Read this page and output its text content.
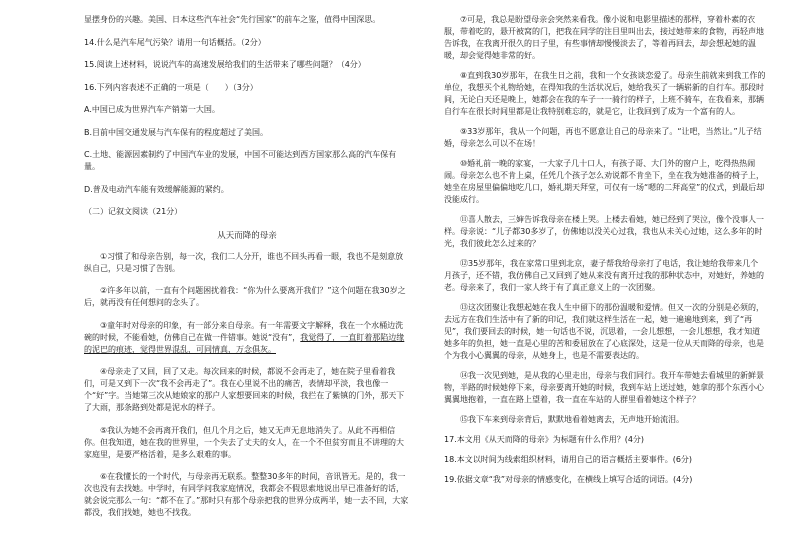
显摆身份的兴趣。美国、日本这些汽车社会“先行国家”的前车之鉴，值得中国深思。

14.什么是汽车尾气污染？请用一句话概括。（2分）

15.阅读上述材料，说说汽车的高速发展给我们的生活带来了哪些问题？（4分）

16.下列内容表述不正确的一项是（　　）（3分）

A.中国已成为世界汽车产销第一大国。

B.目前中国交通发展与汽车保有的程度超过了美国。

C.土地、能源因素制约了中国汽车业的发展，中国不可能达到西方国家那么高的汽车保有量。

D.普及电动汽车能有效缓解能源的紧约。

（二）记叙文阅读（21分）

从天而降的母亲

①习惯了和母亲告别，每一次，我们二人分开，谁也不回头再看一眼，我也不是刻意放纵自己，只是习惯了告别。

②许多年以前，一直有个问题困扰着我：“你为什么要离开我们？”这个问题在我30岁之后，就再没有任何想问的念头了。

③童年时对母亲的印象，有一部分来自母亲。有一年需要文字解释，我在一个水桶边洗碗的时候，不能看她，仿佛自己在做一件错事。她说“没有”，我觉得了，一直盯着那陷边缘的泥巴的痕迹，觉得世界混乱，可同情真，万念俱灰。

④母亲走了又回，回了又走。每次回来的时候，都说不会再走了，她在院子里看着我们，可是又到下一次“我不会再走了”。我在心里说不出的痛苦，表情却平淡，我也像一个“好”字。当她第三次从她娘家的那户人家想要回来的时候，我拦在了紫镇的门外，那天下了大雨，那条路到处都是泥水的样子。

⑤我认为她不会再离开我们，但几个月之后，她又无声无息地消失了。从此不再相信你。但我知道，她在我的世界里，一个失去了丈夫的女人，在一个不但贫穷而且不讲理的大家庭里，是要严格活着，是多么艰难的事。

⑥在我懂长的一个时代，与母亲再无联系。整整30多年的时间，音讯皆无。是的，我一次也没有去找她。中学时，有同学问我家庭情况，我都会不假思索地说出早已准备好的话，就会说完那么一句：“都不在了。”那时只有那个母亲把我的世界分成两半，她一去不回，大家都没，我们找她，她也不找我。

⑦可是，我总是盼望母亲会突然来看我。像小说和电影里描述的那样，穿着朴素的衣服，带着吃的，悬开被窝的门，把我在同学的注目里叫出去，接过她带来的食物，再轻声地告诉我，在我离开很久的日子里，有些事情却慢慢淡去了，等着再回去，却会想起她的温暖，却会觉得她非常的好。

⑧直到我30岁那年，在我生日之前，我和一个女孩谈恋爱了。母亲生前就来到我工作的单位，我想买个礼物给她，在得知我的生活状况后，她给我买了一辆崭新的自行车。那段时间，无论白天还是晚上，她都会在我的车子一一骑行的样子，上班不骑车，在我看来，那辆自行车在很长时间里都是让我特别难忘的，就是它，让我回到了成为一个富有的人。

⑨33岁那年，我从一个问题，再也不愿意让自己的母亲来了。“让吧，当然让。”儿子结婚，母亲怎么可以不在场！

⑩婚礼前一晚的家宴，一大家子几十口人，有孩子哥、大门外的窗户上，吃得热热闹闹。母亲怎么也不肯上桌，任凭几个孩子怎么劝说都不肯坐下，坐在我为她准备的椅子上，她坐在房屋里偏偏地吃几口，婚礼期天拜堂，可仅有一场“嗯的二拜高堂”的仪式，到最后却没能成行。

⑪喜人散去，三婶告诉我母亲在楼上哭。上楼去看她，她已经到了哭泣，像个没事人一样。母亲说：“儿子都30多岁了，仿佛她以没关心过我，我也从未关心过她，这么多年的时光，我们彼此怎么过来的？

⑫35岁那年，我在家常口里到北京，妻子帮我给母亲打了电话，我让她给我带来几个月孩子，还不错，我仿佛自己又回到了她从来没有离开过我的那种状态中，对她好，养她的老。母亲来了，我们一家人终于有了真正意义上的一次团聚。

⑬这次团聚让我想起她在我人生中留下的那份温暖和爱情。但又一次的分别是必须的，去远方在我们生活中有了新的印记，我们就这样生活在一起，她一遍遍地到来，到了“再见”，我们要回去的时候，她一句话也不说，沉思着，一会儿想想，一会儿想想，我才知道她多年的负担，她一直是心里的苦和委屈放在了心底深处，这是一位从天而降的母亲，也是个为我小心翼翼的母亲，从她身上，也是不需要表达的。

⑭我一次见到她，是从我的心里走出，母亲与我们同行。我开车带她去看城里的新鲜景物，半路的时候她停下来，母亲要离开她的时候，我到车站上送过她，她拿的那个东西小心翼翼地抱着，一直在路上望着，我一直在车站的人群里看着她这个样子？

⑮我下车来到母亲背后，默默地看着她离去，无声地开始流泪。

17.本文用《从天而降的母亲》为标题有什么作用？(4分)

18.本文以时间为线索组织材料，请用自己的语言概括主要事件。(6分)

19.依据文章“我”对母亲的情感变化，在横线上填写合适的词语。(4分)
